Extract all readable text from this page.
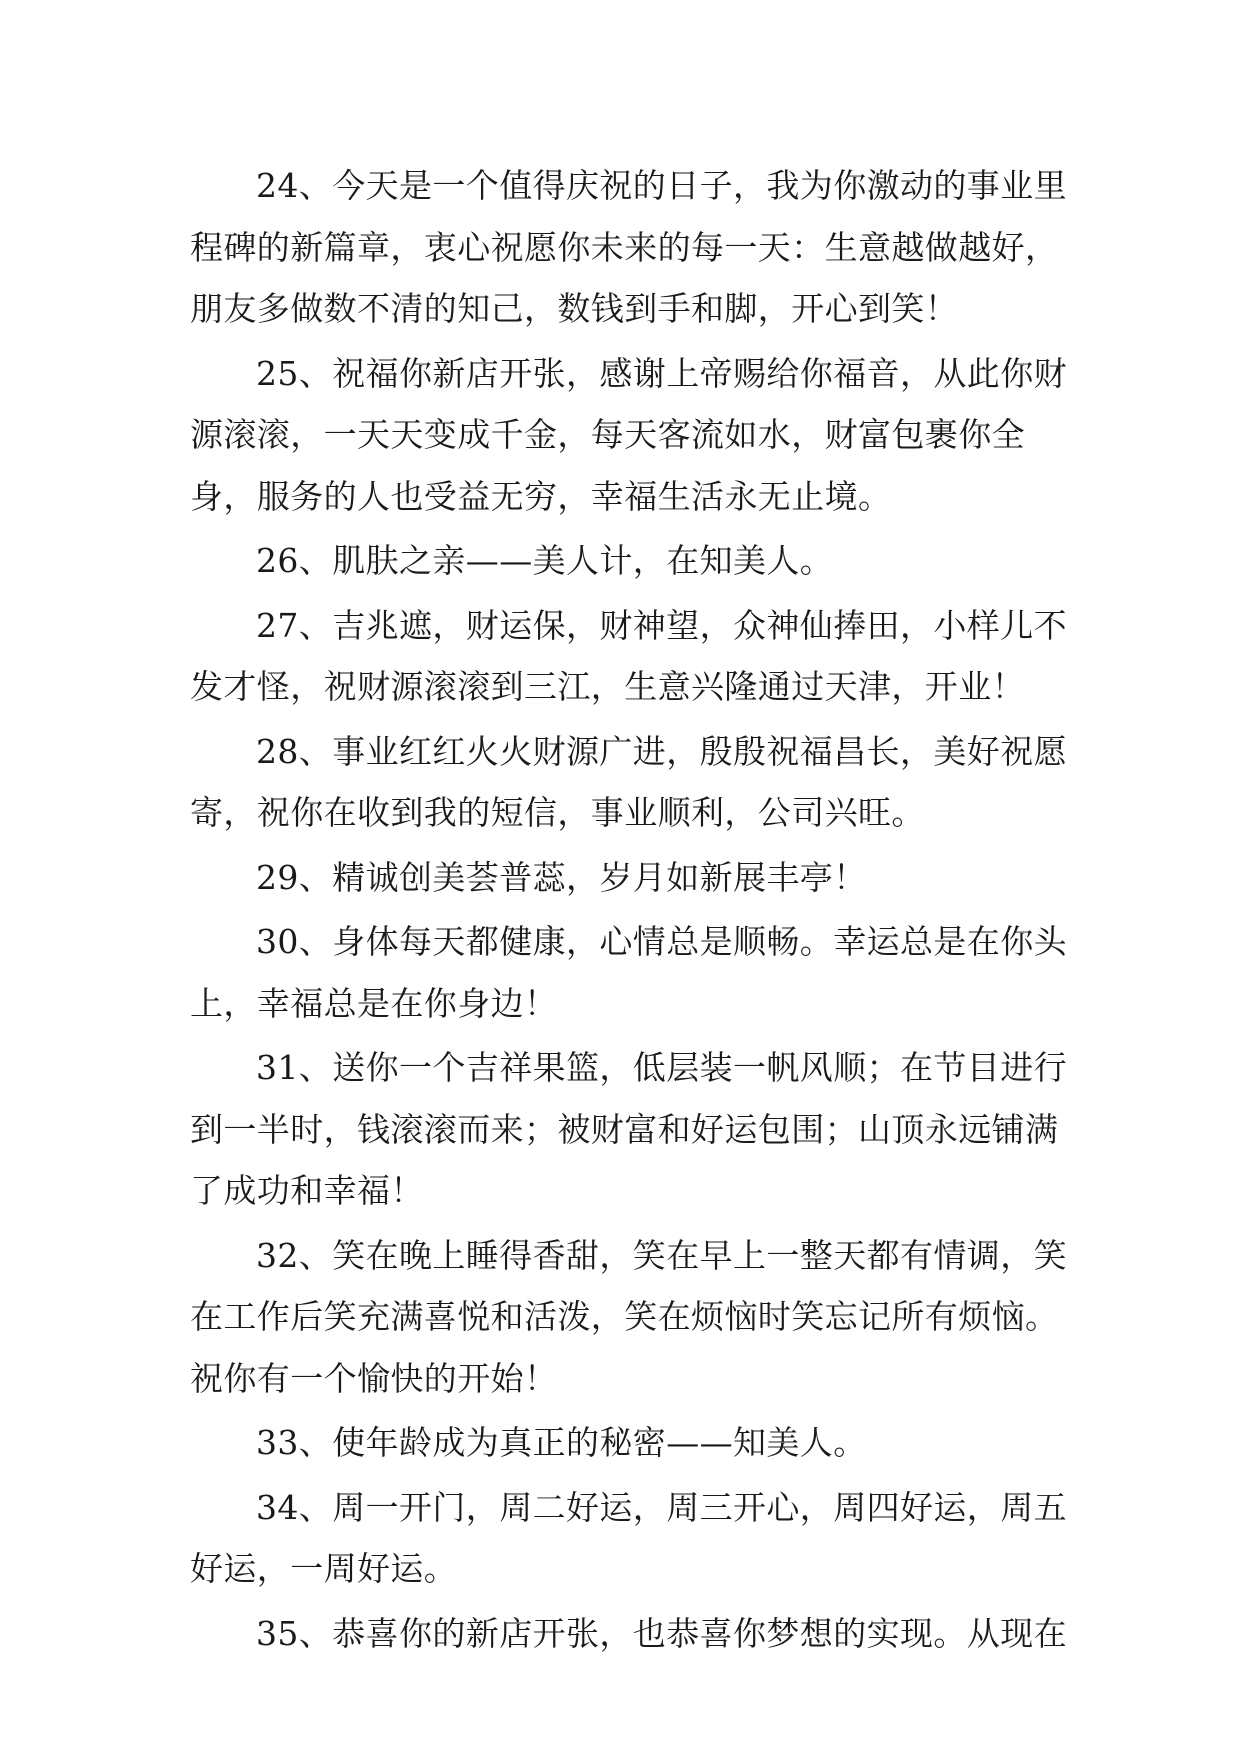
24、今天是一个值得庆祝的日子，我为你激动的事业里程碑的新篇章，衷心祝愿你未来的每一天：生意越做越好，朋友多做数不清的知己，数钱到手和脚，开心到笑！

25、祝福你新店开张，感谢上帝赐给你福音，从此你财源滚滚，一天天变成千金，每天客流如水，财富包裹你全身，服务的人也受益无穷，幸福生活永无止境。

26、肌肤之亲——美人计，在知美人。

27、吉兆遮，财运保，财神望，众神仙捧田，小样儿不发才怪，祝财源滚滚到三江，生意兴隆通过天津，开业！

28、事业红红火火财源广进，殷殷祝福昌长，美好祝愿寄，祝你在收到我的短信，事业顺利，公司兴旺。

29、精诚创美荟普蕊，岁月如新展丰亭！

30、身体每天都健康，心情总是顺畅。幸运总是在你头上，幸福总是在你身边！

31、送你一个吉祥果篮，低层装一帆风顺；在节目进行到一半时，钱滚滚而来；被财富和好运包围；山顶永远铺满了成功和幸福！

32、笑在晚上睡得香甜，笑在早上一整天都有情调，笑在工作后笑充满喜悦和活泼，笑在烦恼时笑忘记所有烦恼。祝你有一个愉快的开始！

33、使年龄成为真正的秘密——知美人。

34、周一开门，周二好运，周三开心，周四好运，周五好运，一周好运。

35、恭喜你的新店开张，也恭喜你梦想的实现。从现在
